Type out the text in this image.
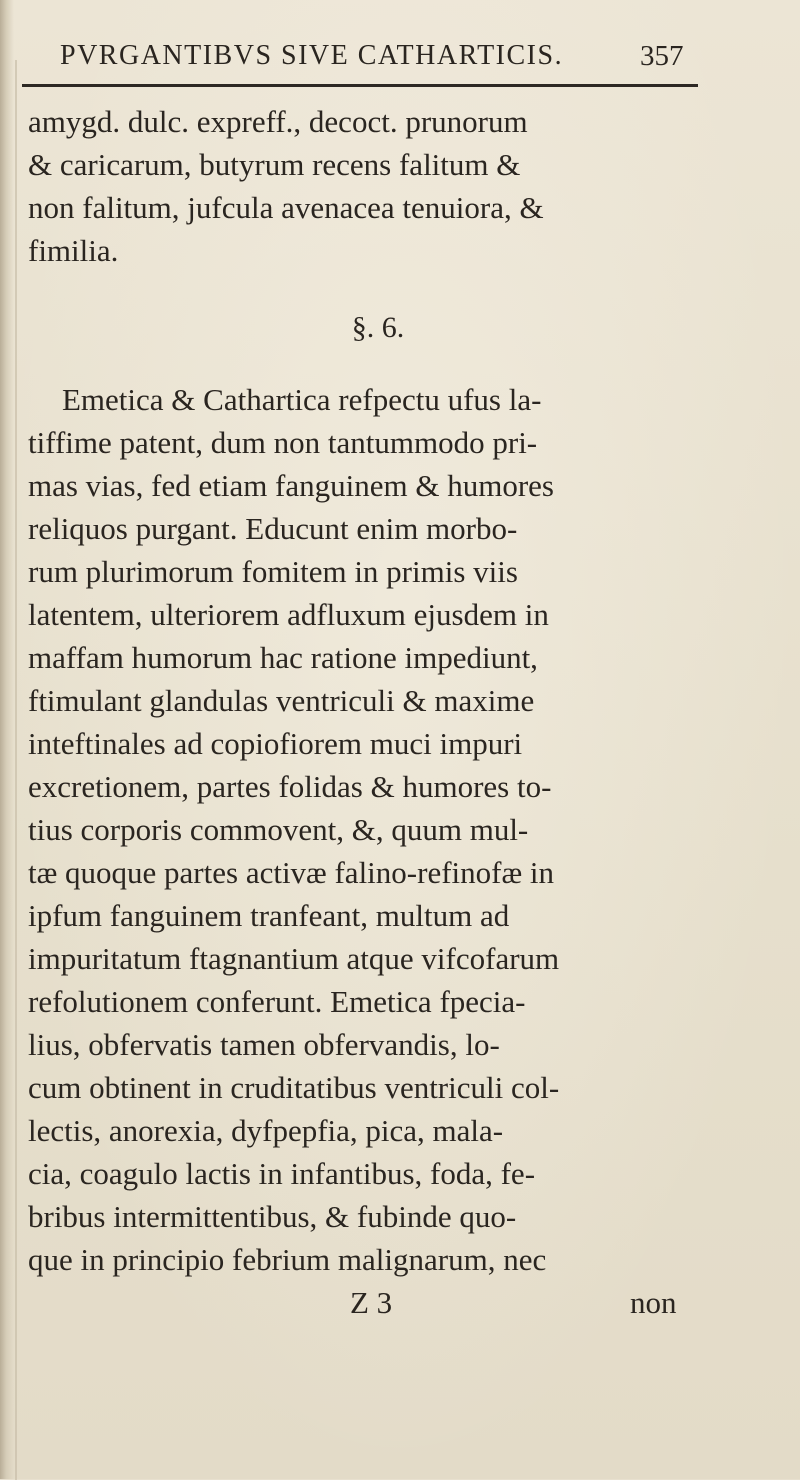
PVRGANTIBVS SIVE CATHARTICIS.	357
amygd. dulc. expreff., decoct. prunorum
& caricarum, butyrum recens falitum &
non falitum, jufcula avenacea tenuiora, &
fimilia.
§. 6.
Emetica & Cathartica refpectu ufus la-
tiffime patent, dum non tantummodo pri-
mas vias, fed etiam fanguinem & humores
reliquos purgant. Educunt enim morbo-
rum plurimorum fomitem in primis viis
latentem, ulteriorem adfluxum ejusdem in
maffam humorum hac ratione impediunt,
ftimulant glandulas ventriculi & maxime
inteftinales ad copiofiorem muci impuri
excretionem, partes folidas & humores to-
tius corporis commovent, &, quum mul-
tæ quoque partes activæ falino-refinofæ in
ipfum fanguinem tranfeant, multum ad
impuritatum ftagnantium atque vifcofarum
refolutionem conferunt. Emetica fpecia-
lius, obfervatis tamen obfervandis, lo-
cum obtinent in cruditatibus ventriculi col-
lectis, anorexia, dyfpepfia, pica, mala-
cia, coagulo lactis in infantibus, foda, fe-
bribus intermittentibus, & fubinde quo-
que in principio febrium malignarum, nec
Z 3	non
